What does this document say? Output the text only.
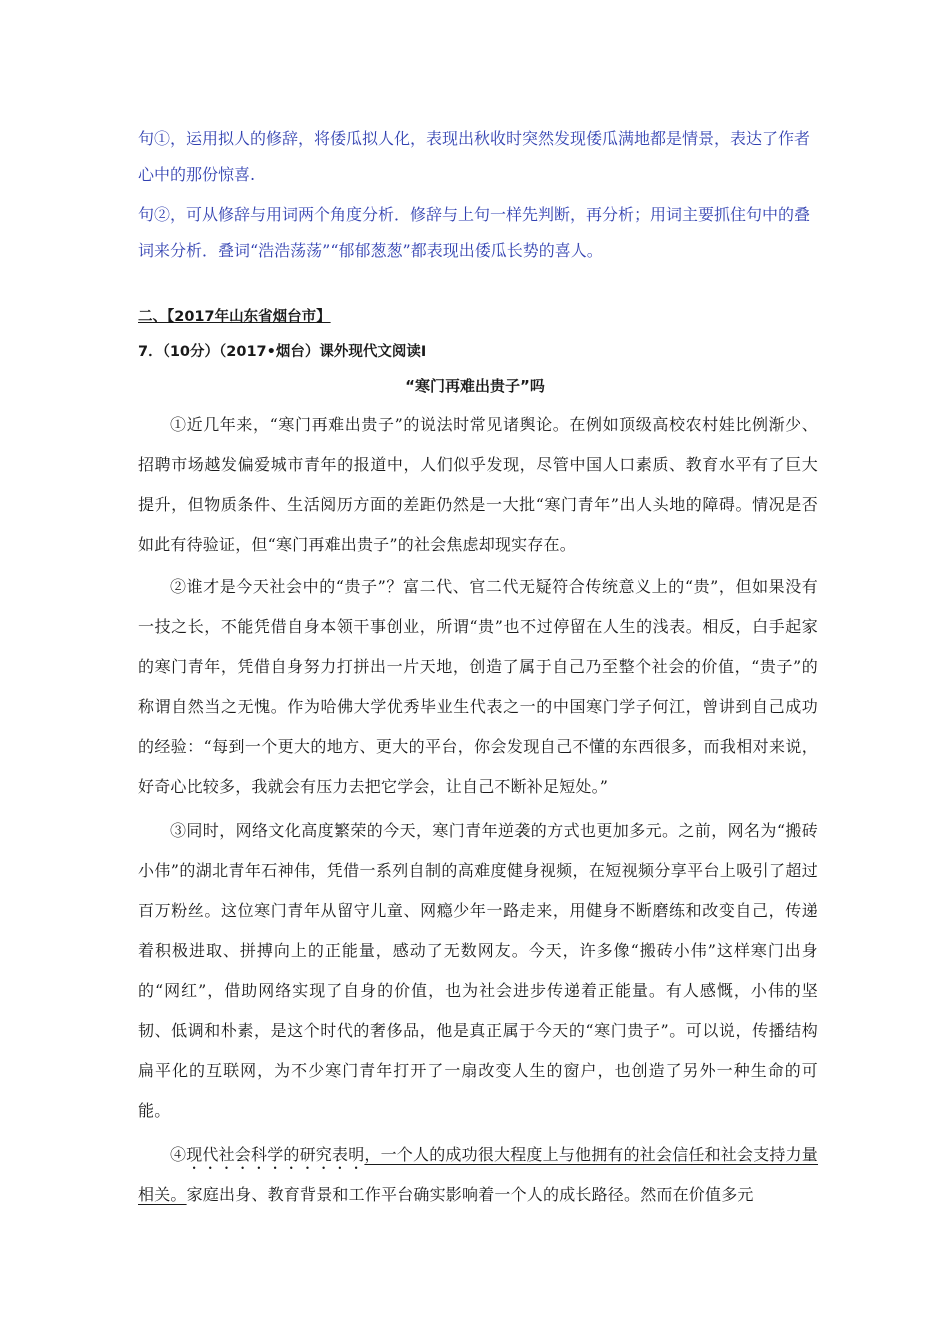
句①，运用拟人的修辞，将倭瓜拟人化，表现出秋收时突然发现倭瓜满地都是情景，表达了作者心中的那份惊喜.

句②，可从修辞与用词两个角度分析．修辞与上句一样先判断，再分析；用词主要抓住句中的叠词来分析．叠词“浩浩荡荡”“郁郁葱葱”都表现出倭瓜长势的喜人。

二、【2017年山东省烟台市】

7．（10分）（2017•烟台）课外现代文阅读Ⅰ

“寒门再难出贵子”吗

①近几年来，“寒门再难出贵子”的说法时常见诸舆论。在例如顶级高校农村娃比例渐少、招聘市场越发偏爱城市青年的报道中，人们似乎发现，尽管中国人口素质、教育水平有了巨大提升，但物质条件、生活阅历方面的差距仍然是一大批“寒门青年”出人头地的障碍。情况是否如此有待验证，但“寒门再难出贵子”的社会焦虑却现实存在。

②谁才是今天社会中的“贵子”？富二代、官二代无疑符合传统意义上的“贵”，但如果没有一技之长，不能凭借自身本领干事创业，所谓“贵”也不过停留在人生的浅表。相反，白手起家的寒门青年，凭借自身努力打拼出一片天地，创造了属于自己乃至整个社会的价值，“贵子”的称谓自然当之无愧。作为哈佛大学优秀毕业生代表之一的中国寒门学子何江，曾讲到自己成功的经验：“每到一个更大的地方、更大的平台，你会发现自己不懂的东西很多，而我相对来说，好奇心比较多，我就会有压力去把它学会，让自己不断补足短处。”

③同时，网络文化高度繁荣的今天，寒门青年逆袭的方式也更加多元。之前，网名为“搬砖小伟”的湖北青年石神伟，凭借一系列自制的高难度健身视频，在短视频分享平台上吸引了超过百万粉丝。这位寒门青年从留守儿童、网瘾少年一路走来，用健身不断磨练和改变自己，传递着积极进取、拼搏向上的正能量，感动了无数网友。今天，许多像“搬砖小伟”这样寒门出身的“网红”，借助网络实现了自身的价值，也为社会进步传递着正能量。有人感慨，小伟的坚韧、低调和朴素，是这个时代的奢侈品，他是真正属于今天的“寒门贵子”。可以说，传播结构扁平化的互联网，为不少寒门青年打开了一扇改变人生的窗户，也创造了另外一种生命的可能。

④现代社会科学的研究表明，一个人的成功很大程度上与他拥有的社会信任和社会支持力量相关。家庭出身、教育背景和工作平台确实影响着一个人的成长路径。然而在价值多元
